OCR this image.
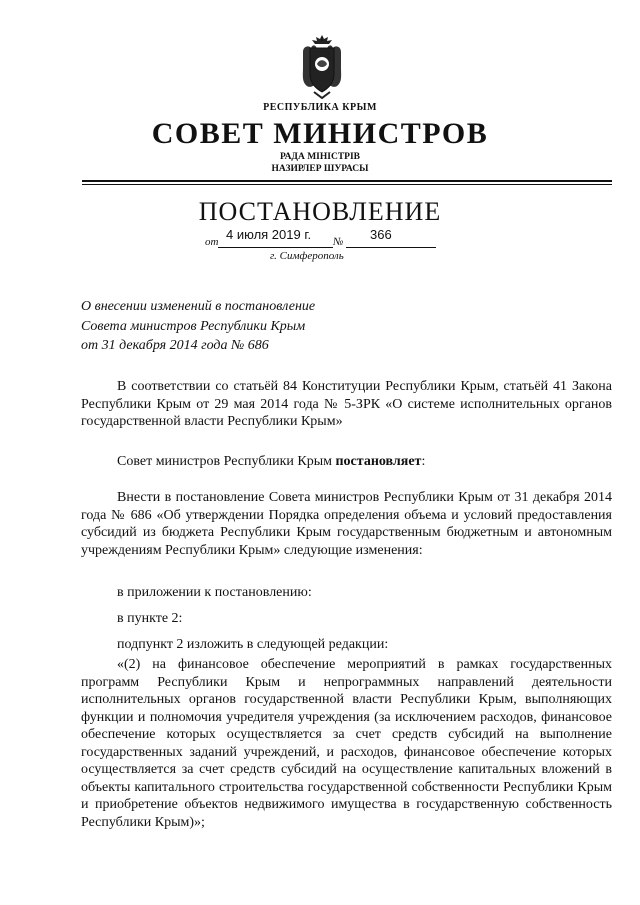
РЕСПУБЛИКА КРЫМ
СОВЕТ МИНИСТРОВ
РАДА МІНІСТРІВ
НАЗИРЛЕР ШУРАСЫ
ПОСТАНОВЛЕНИЕ
от 4 июля 2019 г. № 366
г. Симферополь
О внесении изменений в постановление
Совета министров Республики Крым
от 31 декабря 2014 года № 686
В соответствии со статьёй 84 Конституции Республики Крым, статьёй 41 Закона Республики Крым от 29 мая 2014 года № 5-ЗРК «О системе исполнительных органов государственной власти Республики Крым»
Совет министров Республики Крым постановляет:
Внести в постановление Совета министров Республики Крым от 31 декабря 2014 года № 686 «Об утверждении Порядка определения объема и условий предоставления субсидий из бюджета Республики Крым государственным бюджетным и автономным учреждениям Республики Крым» следующие изменения:
в приложении к постановлению:
в пункте 2:
подпункт 2 изложить в следующей редакции:
«(2) на финансовое обеспечение мероприятий в рамках государственных программ Республики Крым и непрограммных направлений деятельности исполнительных органов государственной власти Республики Крым, выполняющих функции и полномочия учредителя учреждения (за исключением расходов, финансовое обеспечение которых осуществляется за счет средств субсидий на выполнение государственных заданий учреждений, и расходов, финансовое обеспечение которых осуществляется за счет средств субсидий на осуществление капитальных вложений в объекты капитального строительства государственной собственности Республики Крым и приобретение объектов недвижимого имущества в государственную собственность Республики Крым)»;
